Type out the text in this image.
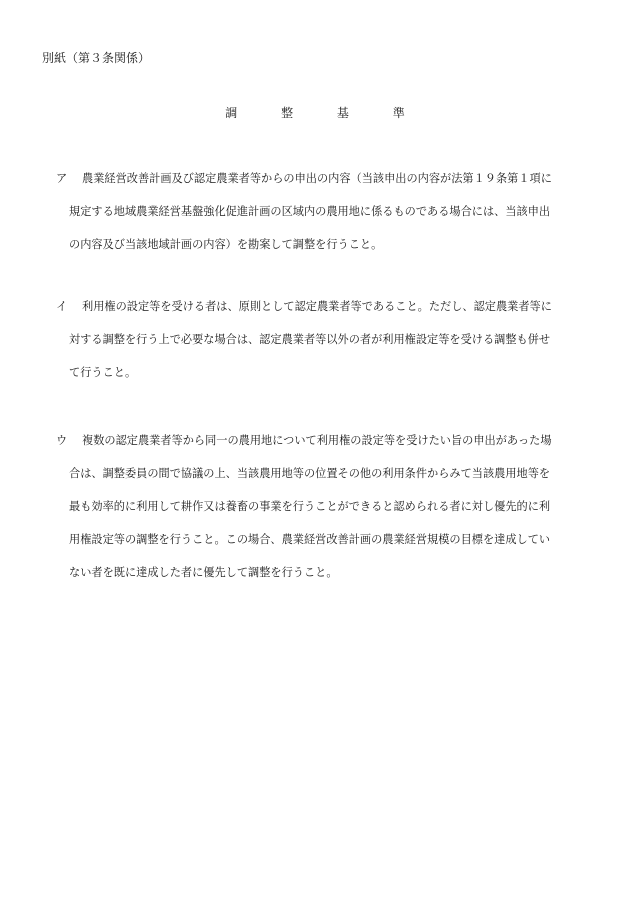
別紙（第３条関係）
調	整	基	準
ア 農業経営改善計画及び認定農業者等からの申出の内容（当該申出の内容が法第１９条第１項に
規定する地域農業経営基盤強化促進計画の区域内の農用地に係るものである場合には、当該申出
の内容及び当該地域計画の内容）を勘案して調整を行うこと。
イ 利用権の設定等を受ける者は、原則として認定農業者等であること。ただし、認定農業者等に
対する調整を行う上で必要な場合は、認定農業者等以外の者が利用権設定等を受ける調整も併せ
て行うこと。
ウ 複数の認定農業者等から同一の農用地について利用権の設定等を受けたい旨の申出があった場
合は、調整委員の間で協議の上、当該農用地等の位置その他の利用条件からみて当該農用地等を
最も効率的に利用して耕作又は養畜の事業を行うことができると認められる者に対し優先的に利
用権設定等の調整を行うこと。この場合、農業経営改善計画の農業経営規模の目標を達成してい
ない者を既に達成した者に優先して調整を行うこと。
